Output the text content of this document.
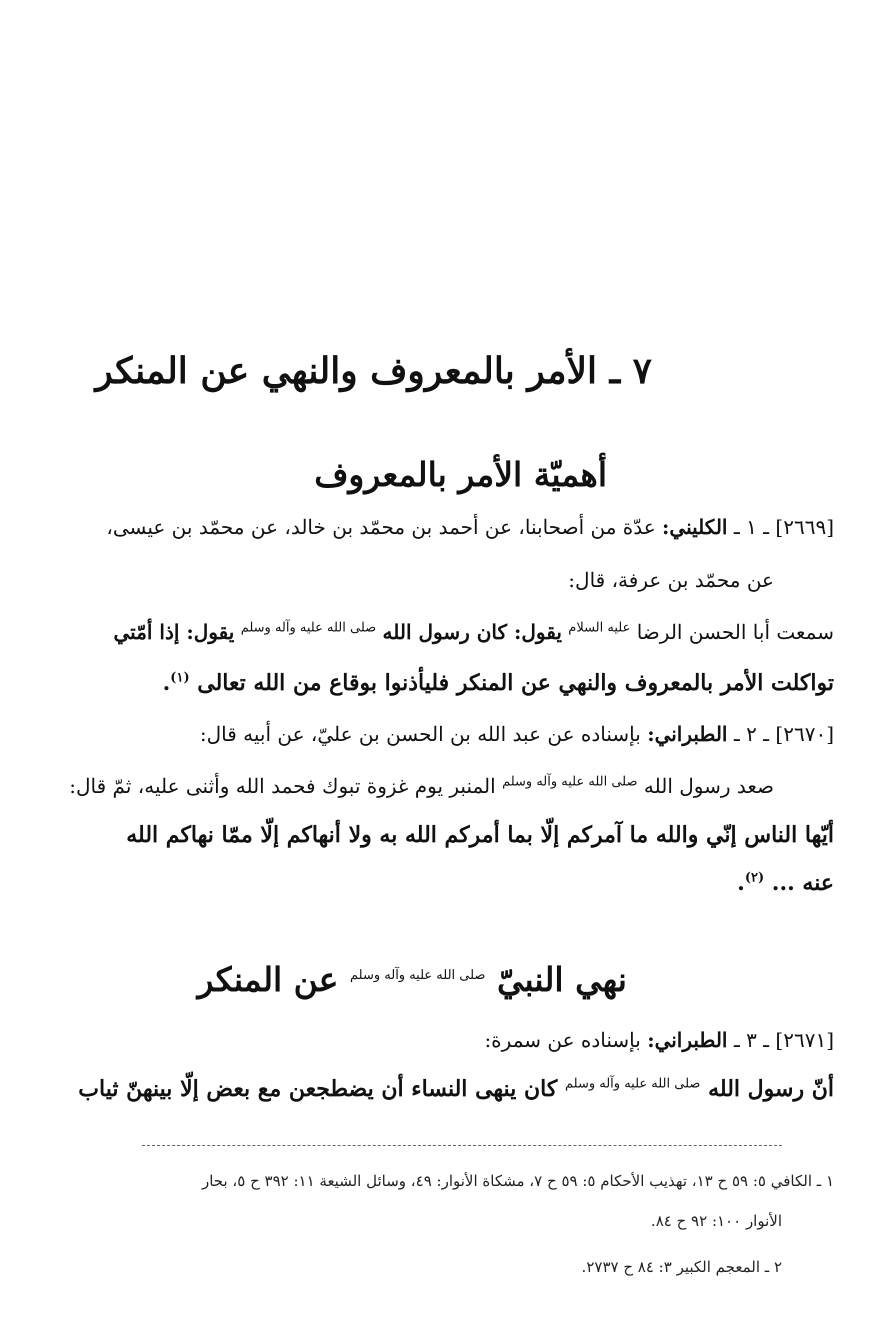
٧ ـ الأمر بالمعروف والنهي عن المنكر
أهميّة الأمر بالمعروف
[٢٦٦٩] ـ ١ ـ الكليني: عدّة من أصحابنا، عن أحمد بن محمّد بن خالد، عن محمّد بن عيسى،
عن محمّد بن عرفة، قال:
سمعت أبا الحسن الرضا $^{عليه السلام}$ يقول: كان رسول الله $^{صلى الله عليه وآله وسلم}$ يقول: إذا أمّتي
تواكلت الأمر بالمعروف والنهي عن المنكر فليأذنوا بوقاع من الله تعالى $^{(١)}$.
[٢٦٧٠] ـ ٢ ـ الطبراني: بإسناده عن عبد الله بن الحسن بن عليّ، عن أبيه قال:
صعد رسول الله $^{صلى الله عليه وآله وسلم}$ المنبر يوم غزوة تبوك فحمد الله وأثنى عليه، ثمّ قال:
أيّها الناس إنّي والله ما آمركم إلّا بما أمركم الله به ولا أنهاكم إلّا ممّا نهاكم الله
عنه ... $^{(٢)}$.
نهي النبيّ $^{صلى الله عليه وآله وسلم}$ عن المنكر
[٢٦٧١] ـ ٣ ـ الطبراني: بإسناده عن سمرة:
أنّ رسول الله $^{صلى الله عليه وآله وسلم}$ كان ينهى النساء أن يضطجعن مع بعض إلّا بينهنّ ثياب
١ ـ الكافي ٥: ٥٩ ح ١٣، تهذيب الأحكام ٥: ٥٩ ح ٧، مشكاة الأنوار: ٤٩، وسائل الشيعة ١١: ٣٩٢ ح ٥، بحار
الأنوار ١٠٠: ٩٢ ح ٨٤.
٢ ـ المعجم الكبير ٣: ٨٤ ح ٢٧٣٧.
